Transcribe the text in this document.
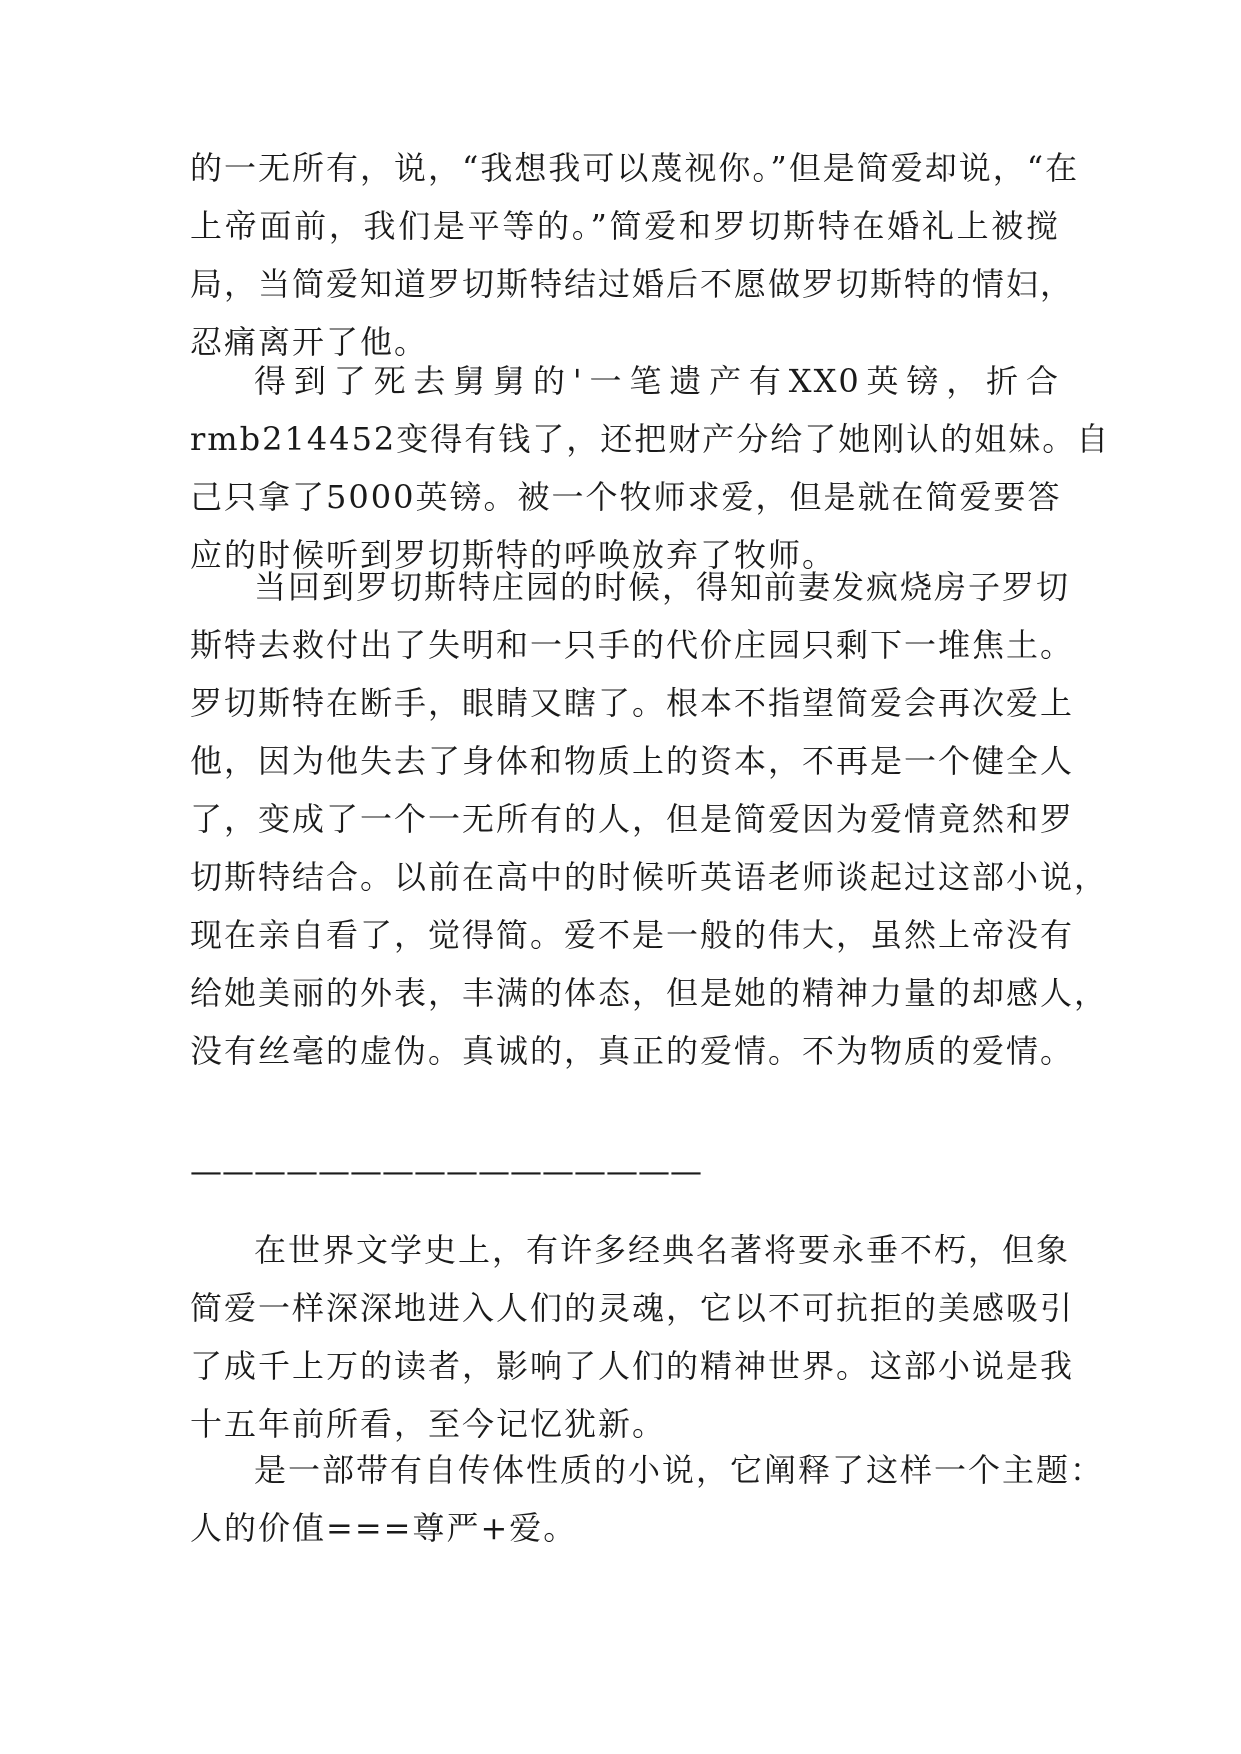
的一无所有，说，“我想我可以蔑视你。”但是简爱却说，“在
上帝面前，我们是平等的。”简爱和罗切斯特在婚礼上被搅
局，当简爱知道罗切斯特结过婚后不愿做罗切斯特的情妇，
忍痛离开了他。
得到了死去舅舅的'一笔遗产有XX0英镑，折合
rmb214452变得有钱了，还把财产分给了她刚认的姐妹。自
己只拿了5000英镑。被一个牧师求爱，但是就在简爱要答
应的时候听到罗切斯特的呼唤放弃了牧师。
当回到罗切斯特庄园的时候，得知前妻发疯烧房子罗切
斯特去救付出了失明和一只手的代价庄园只剩下一堆焦土。
罗切斯特在断手，眼睛又瞎了。根本不指望简爱会再次爱上
他，因为他失去了身体和物质上的资本，不再是一个健全人
了，变成了一个一无所有的人，但是简爱因为爱情竟然和罗
切斯特结合。以前在高中的时候听英语老师谈起过这部小说，
现在亲自看了，觉得简。爱不是一般的伟大，虽然上帝没有
给她美丽的外表，丰满的体态，但是她的精神力量的却感人，
没有丝毫的虚伪。真诚的，真正的爱情。不为物质的爱情。
————————————————
在世界文学史上，有许多经典名著将要永垂不朽，但象
简爱一样深深地进入人们的灵魂，它以不可抗拒的美感吸引
了成千上万的读者，影响了人们的精神世界。这部小说是我
十五年前所看，至今记忆犹新。
是一部带有自传体性质的小说，它阐释了这样一个主题：
人的价值===尊严+爱。
